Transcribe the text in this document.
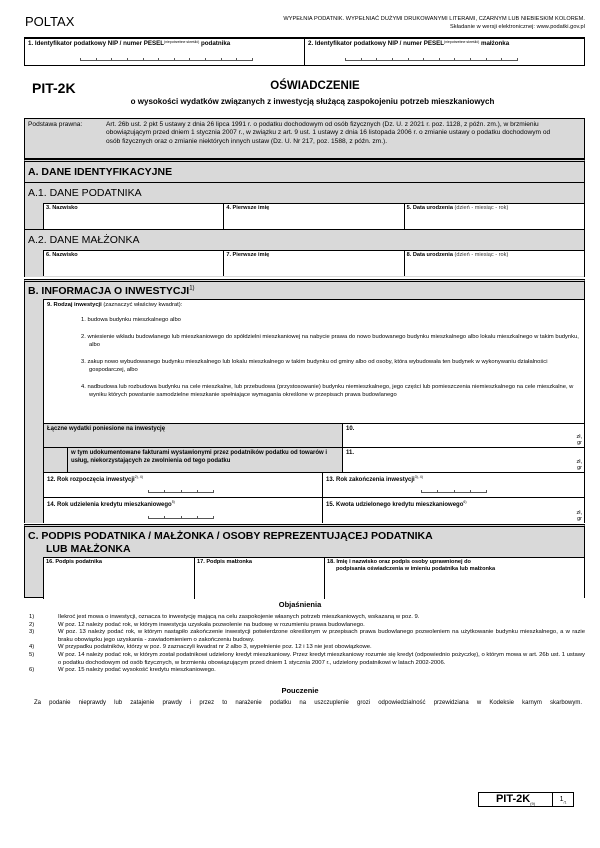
POLTAX	WYPEŁNIA PODATNIK. WYPEŁNIAĆ DUŻYMI DRUKOWANYMI LITERAMI, CZARNYM LUB NIEBIESKIM KOLOREM.
Składanie w wersji elektronicznej: www.podatki.gov.pl
1. Identyfikator podatkowy NIP / numer $PESEL^{(niepotrzebne skreślić)}$ podatnika	2. Identyfikator podatkowy NIP / numer $PESEL^{(niepotrzebne skreślić)}$ małżonka
PIT-2K	OŚWIADCZENIE
o wysokości wydatków związanych z inwestycją służącą zaspokojeniu potrzeb mieszkaniowych
Podstawa prawna:	Art. 26b ust. 2 pkt 5 ustawy z dnia 26 lipca 1991 r. o podatku dochodowym od osób fizycznych (Dz. U. z 2021 r. poz. 1128, z późn. zm.), w brzmieniu obowiązującym przed dniem 1 stycznia 2007 r., w związku z art. 9 ust. 1 ustawy z dnia 16 listopada 2006 r. o zmianie ustawy o podatku dochodowym od osób fizycznych oraz o zmianie niektórych innych ustaw (Dz. U. Nr 217, poz. 1588, z późn. zm.).
A. DANE IDENTYFIKACYJNE
A.1. DANE PODATNIKA
3. Nazwisko	4. Pierwsze imię	5. Data urodzenia (dzień - miesiąc - rok)
A.2. DANE MAŁŻONKA
6. Nazwisko	7. Pierwsze imię	8. Data urodzenia (dzień - miesiąc - rok)
B. INFORMACJA O INWESTYCJI$^{1)}$
9. Rodzaj inwestycji (zaznaczyć właściwy kwadrat):
1. budowa budynku mieszkalnego albo
2. wniesienie wkładu budowlanego lub mieszkaniowego do spółdzielni mieszkaniowej na nabycie prawa do nowo budowanego budynku mieszkalnego albo lokalu mieszkalnego w takim budynku, albo
3. zakup nowo wybudowanego budynku mieszkalnego lub lokalu mieszkalnego w takim budynku od gminy albo od osoby, która wybudowała ten budynek w wykonywaniu działalności gospodarczej, albo
4. nadbudowa lub rozbudowa budynku na cele mieszkalne, lub przebudowa (przystosowanie) budynku niemieszkalnego, jego części lub pomieszczenia niemieszkalnego na cele mieszkalne, w wyniku których powstanie samodzielne mieszkanie spełniające wymagania określone w przepisach prawa budowlanego
Łączne wydatki poniesione na inwestycję	10.
zł,
gr
w tym udokumentowane fakturami wystawionymi przez podatników podatku od towarów i usług, niekorzystających ze zwolnienia od tego podatku
11.
zł,
gr
12. Rok rozpoczęcia inwestycji$^{2), 4)}$	13. Rok zakończenia inwestycji$^{3), 4)}$
14. Rok udzielenia kredytu mieszkaniowego$^{5)}$	15. Kwota udzielonego kredytu mieszkaniowego$^{6)}$
zł,
gr
C. PODPIS PODATNIKA / MAŁŻONKA / OSOBY REPREZENTUJĄCEJ PODATNIKA
LUB MAŁŻONKA
16. Podpis podatnika	17. Podpis małżonka	18. Imię i nazwisko oraz podpis osoby uprawnionej do
podpisania oświadczenia w imieniu podatnika lub małżonka
Objaśnienia
1)	Ilekroć jest mowa o inwestycji, oznacza to inwestycję mającą na celu zaspokojenie własnych potrzeb mieszkaniowych, wskazaną w poz. 9.
2)	W poz. 12 należy podać rok, w którym inwestycja uzyskała pozwolenie na budowę w rozumieniu prawa budowlanego.
3)	W poz. 13 należy podać rok, w którym nastąpiło zakończenie inwestycji potwierdzone określonym w przepisach prawa budowlanego pozwoleniem na użytkowanie budynku mieszkalnego, a w razie braku obowiązku jego uzyskania - zawiadomieniem o zakończeniu budowy.
4)	W przypadku podatników, którzy w poz. 9 zaznaczyli kwadrat nr 2 albo 3, wypełnienie poz. 12 i 13 nie jest obowiązkowe.
5)	W poz. 14 należy podać rok, w którym został podatnikowi udzielony kredyt mieszkaniowy. Przez kredyt mieszkaniowy rozumie się kredyt (odpowiednio pożyczkę), o którym mowa w art. 26b ust. 1 ustawy o podatku dochodowym od osób fizycznych, w brzmieniu obowiązującym przed dniem 1 stycznia 2007 r., udzielony podatnikowi w latach 2002-2006.
6)	W poz. 15 należy podać wysokość kredytu mieszkaniowego.
Pouczenie
Za podanie nieprawdy lub zatajenie prawdy i przez to narażenie podatku na uszczuplenie grozi odpowiedzialność przewidziana w Kodeksie karnym skarbowym.
PIT-$2K_{(9)}$
$1_{/1}$
